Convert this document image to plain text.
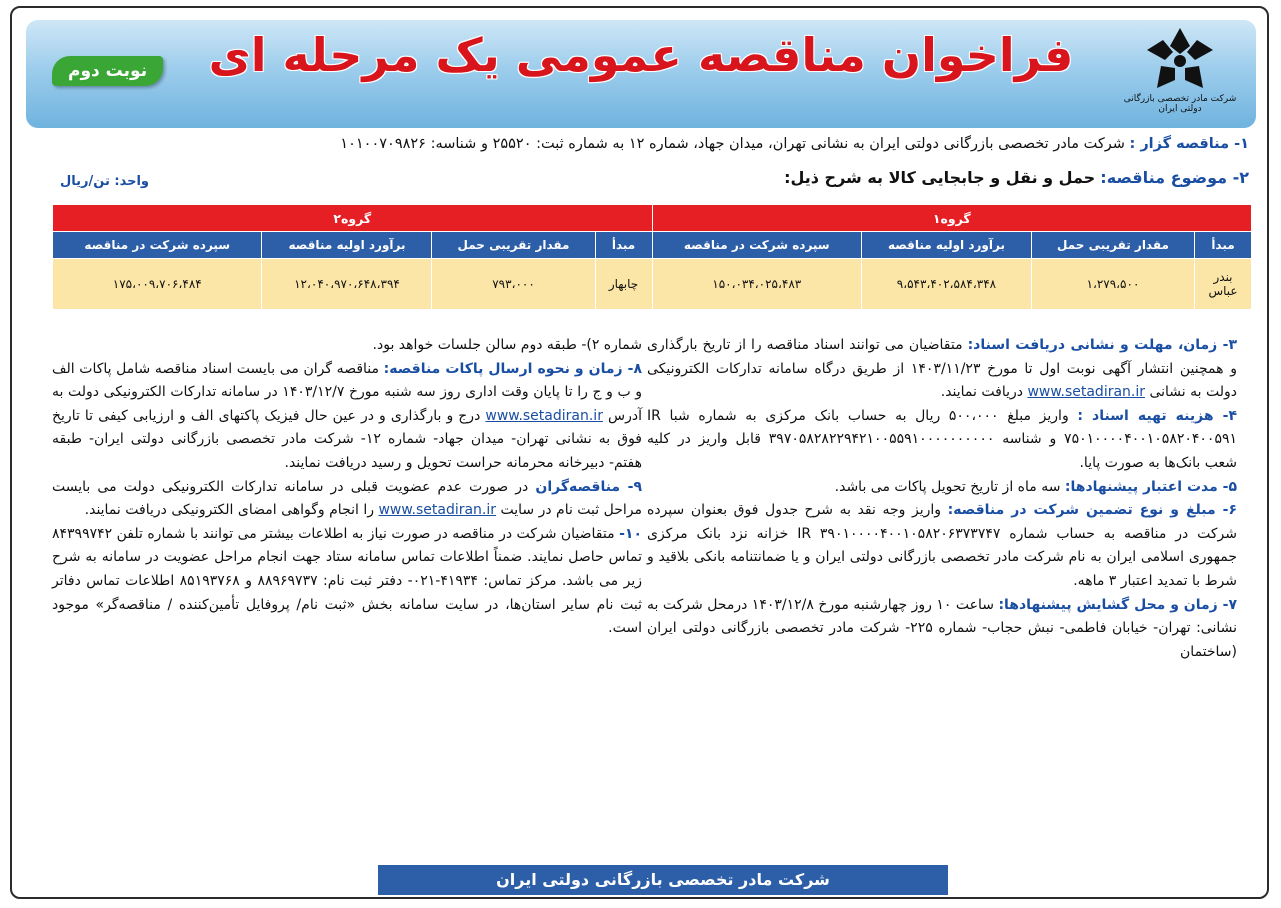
نوبت دوم	فراخوان مناقصه عمومی یک مرحله ای
شرکت مادر تخصصی بازرگانی دولتی ایران
۱- مناقصه گزار : شرکت مادر تخصصی بازرگانی دولتی ایران به نشانی تهران، میدان جهاد، شماره ۱۲ به شماره ثبت: ۲۵۵۲۰ و شناسه: ۱۰۱۰۰۷۰۹۸۲۶
۲- موضوع مناقصه: حمل و نقل و جابجایی کالا به شرح ذیل:
واحد: تن/ریال
گروه۱				گروه۲			
مبدأ	مقدار تقریبی حمل	برآورد اولیه مناقصه	سپرده شرکت در مناقصه	مبدأ	مقدار تقریبی حمل	برآورد اولیه مناقصه	سپرده شرکت در مناقصه
بندر عباس	۱،۲۷۹،۵۰۰	۹،۵۴۳،۴۰۲،۵۸۴،۳۴۸	۱۵۰،۰۳۴،۰۲۵،۴۸۳	چابهار	۷۹۳،۰۰۰	۱۲،۰۴۰،۹۷۰،۶۴۸،۳۹۴	۱۷۵،۰۰۹،۷۰۶،۴۸۴

۳- زمان، مهلت و نشانی دریافت اسناد: متقاضیان می توانند اسناد مناقصه را از تاریخ بارگذاری و همچنین انتشار آگهی نوبت اول تا مورخ ۱۴۰۳/۱۱/۲۳ از طریق درگاه سامانه تدارکات الکترونیکی دولت به نشانی www.setadiran.ir دریافت نمایند.

۴- هزینه تهیه اسناد : واریز مبلغ ۵۰۰،۰۰۰ ریال به حساب بانک مرکزی به شماره شبا IR ۷۵۰۱۰۰۰۰۴۰۰۱۰۵۸۲۰۴۰۰۵۹۱ و شناسه ۳۹۷۰۵۸۲۸۲۲۹۴۲۱۰۰۵۵۹۱۰۰۰۰۰۰۰۰۰۰ قابل واریز در کلیه شعب بانک‌ها به صورت پایا.

۵- مدت اعتبار پیشنهادها: سه ماه از تاریخ تحویل پاکات می باشد.

۶- مبلغ و نوع تضمین شرکت در مناقصه: واریز وجه نقد به شرح جدول فوق بعنوان سپرده شرکت در مناقصه به حساب شماره IR ۳۹۰۱۰۰۰۰۴۰۰۱۰۵۸۲۰۶۳۷۳۷۴۷ خزانه نزد بانک مرکزی جمهوری اسلامی ایران به نام شرکت مادر تخصصی بازرگانی دولتی ایران و یا ضمانتنامه بانکی بلاقید و شرط با تمدید اعتبار ۳ ماهه.

۷- زمان و محل گشایش پیشنهادها: ساعت ۱۰ روز چهارشنبه مورخ ۱۴۰۳/۱۲/۸ درمحل شرکت به نشانی: تهران- خیابان فاطمی- نبش حجاب- شماره ۲۲۵- شرکت مادر تخصصی بازرگانی دولتی ایران (ساختمان

شماره ۲)- طبقه دوم سالن جلسات خواهد بود.

۸- زمان و نحوه ارسال پاکات مناقصه: مناقصه گران می بایست اسناد مناقصه شامل پاکات الف و ب و ج را تا پایان وقت اداری روز سه شنبه مورخ ۱۴۰۳/۱۲/۷ در سامانه تدارکات الکترونیکی دولت به آدرس www.setadiran.ir درج و بارگذاری و در عین حال فیزیک پاکتهای الف و ارزیابی کیفی تا تاریخ فوق به نشانی تهران- میدان جهاد- شماره ۱۲- شرکت مادر تخصصی بازرگانی دولتی ایران- طبقه هفتم- دبیرخانه محرمانه حراست تحویل و رسید دریافت نمایند.

۹- مناقصه‌گران در صورت عدم عضویت قبلی در سامانه تدارکات الکترونیکی دولت می بایست مراحل ثبت نام در سایت www.setadiran.ir را انجام وگواهی امضای الکترونیکی دریافت نمایند.

۱۰- متقاضیان شرکت در مناقصه در صورت نیاز به اطلاعات بیشتر می توانند با شماره تلفن ۸۴۳۹۹۷۴۲ تماس حاصل نمایند. ضمناً اطلاعات تماس سامانه ستاد جهت انجام مراحل عضویت در سامانه به شرح زیر می باشد. مرکز تماس: ۴۱۹۳۴-۰۲۱- دفتر ثبت نام: ۸۸۹۶۹۷۳۷ و ۸۵۱۹۳۷۶۸ اطلاعات تماس دفاتر ثبت نام سایر استان‌ها، در سایت سامانه بخش «ثبت نام/ پروفایل تأمین‌کننده / مناقصه‌گر» موجود است.

شرکت مادر تخصصی بازرگانی دولتی ایران
